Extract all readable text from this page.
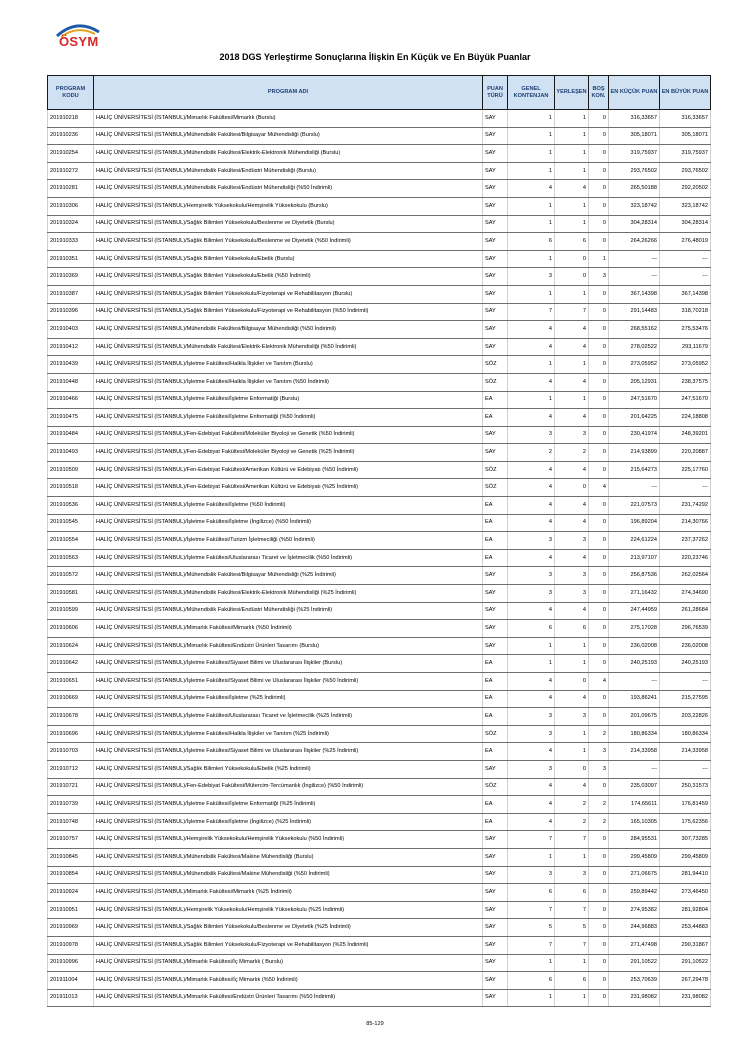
ÖSYM
2018 DGS Yerleştirme Sonuçlarına İlişkin En Küçük ve En Büyük Puanlar
PROGRAM KODU	PROGRAM ADI	PUAN TÜRÜ	GENEL KONTENJAN	YERLEŞEN	BOŞ KON.	EN KÜÇÜK PUAN	EN BÜYÜK PUAN
201910218	HALİÇ ÜNİVERSİTESİ (İSTANBUL)/Mimarlık Fakültesi/Mimarlık (Burslu)	SAY	1	1	0	316,33657	316,33657
201910236	HALİÇ ÜNİVERSİTESİ (İSTANBUL)/Mühendislik Fakültesi/Bilgisayar Mühendisliği (Burslu)	SAY	1	1	0	305,18071	305,18071
201910254	HALİÇ ÜNİVERSİTESİ (İSTANBUL)/Mühendislik Fakültesi/Elektrik-Elektronik Mühendisliği (Burslu)	SAY	1	1	0	319,75937	319,75937
201910272	HALİÇ ÜNİVERSİTESİ (İSTANBUL)/Mühendislik Fakültesi/Endüstri Mühendisliği (Burslu)	SAY	1	1	0	293,76502	293,76502
201910281	HALİÇ ÜNİVERSİTESİ (İSTANBUL)/Mühendislik Fakültesi/Endüstri Mühendisliği (%50 İndirimli)	SAY	4	4	0	265,50188	292,20502
201910306	HALİÇ ÜNİVERSİTESİ (İSTANBUL)/Hemşirelik Yüksekokulu/Hemşirelik Yüksekokulu (Burslu)	SAY	1	1	0	323,18742	323,18742
201910324	HALİÇ ÜNİVERSİTESİ (İSTANBUL)/Sağlık Bilimleri Yüksekokulu/Beslenme ve Diyetetik (Burslu)	SAY	1	1	0	304,28314	304,28314
201910333	HALİÇ ÜNİVERSİTESİ (İSTANBUL)/Sağlık Bilimleri Yüksekokulu/Beslenme ve Diyetetik (%50 İndirimli)	SAY	6	6	0	264,26266	276,48019
201910351	HALİÇ ÜNİVERSİTESİ (İSTANBUL)/Sağlık Bilimleri Yüksekokulu/Ebelik (Burslu)	SAY	1	0	1	---	---
201910369	HALİÇ ÜNİVERSİTESİ (İSTANBUL)/Sağlık Bilimleri Yüksekokulu/Ebelik (%50 İndirimli)	SAY	3	0	3	---	---
201910387	HALİÇ ÜNİVERSİTESİ (İSTANBUL)/Sağlık Bilimleri Yüksekokulu/Fizyoterapi ve Rehabilitasyon (Burslu)	SAY	1	1	0	367,14398	367,14398
201910396	HALİÇ ÜNİVERSİTESİ (İSTANBUL)/Sağlık Bilimleri Yüksekokulu/Fizyoterapi ve Rehabilitasyon (%50 İndirimli)	SAY	7	7	0	291,14483	318,70218
201910403	HALİÇ ÜNİVERSİTESİ (İSTANBUL)/Mühendislik Fakültesi/Bilgisayar Mühendisliği (%50 İndirimli)	SAY	4	4	0	268,55162	275,53476
201910412	HALİÇ ÜNİVERSİTESİ (İSTANBUL)/Mühendislik Fakültesi/Elektrik-Elektronik Mühendisliği (%50 İndirimli)	SAY	4	4	0	278,02522	293,11679
201910439	HALİÇ ÜNİVERSİTESİ (İSTANBUL)/İşletme Fakültesi/Halkla İlişkiler ve Tanıtım (Burslu)	SÖZ	1	1	0	273,05952	273,05952
201910448	HALİÇ ÜNİVERSİTESİ (İSTANBUL)/İşletme Fakültesi/Halkla İlişkiler ve Tanıtım (%50 İndirimli)	SÖZ	4	4	0	205,12931	238,37575
201910466	HALİÇ ÜNİVERSİTESİ (İSTANBUL)/İşletme Fakültesi/İşletme Enformatiği (Burslu)	EA	1	1	0	247,51670	247,51670
201910475	HALİÇ ÜNİVERSİTESİ (İSTANBUL)/İşletme Fakültesi/İşletme Enformatiği (%50 İndirimli)	EA	4	4	0	201,64225	224,18808
201910484	HALİÇ ÜNİVERSİTESİ (İSTANBUL)/Fen-Edebiyat Fakültesi/Moleküler Biyoloji ve Genetik (%50 İndirimli)	SAY	3	3	0	230,41974	248,39201
201910493	HALİÇ ÜNİVERSİTESİ (İSTANBUL)/Fen-Edebiyat Fakültesi/Moleküler Biyoloji ve Genetik (%25 İndirimli)	SAY	2	2	0	214,93899	220,20887
201910509	HALİÇ ÜNİVERSİTESİ (İSTANBUL)/Fen-Edebiyat Fakültesi/Amerikan Kültürü ve Edebiyatı (%50 İndirimli)	SÖZ	4	4	0	215,64273	225,17760
201910518	HALİÇ ÜNİVERSİTESİ (İSTANBUL)/Fen-Edebiyat Fakültesi/Amerikan Kültürü ve Edebiyatı (%25 İndirimli)	SÖZ	4	0	4	---	---
201910536	HALİÇ ÜNİVERSİTESİ (İSTANBUL)/İşletme Fakültesi/İşletme (%50 İndirimli)	EA	4	4	0	221,07573	231,74292
201910545	HALİÇ ÜNİVERSİTESİ (İSTANBUL)/İşletme Fakültesi/İşletme (İngilizce) (%50 İndirimli)	EA	4	4	0	196,89204	214,30766
201910554	HALİÇ ÜNİVERSİTESİ (İSTANBUL)/İşletme Fakültesi/Turizm İşletmeciliği (%50 İndirimli)	EA	3	3	0	224,61224	237,37262
201910563	HALİÇ ÜNİVERSİTESİ (İSTANBUL)/İşletme Fakültesi/Uluslararası Ticaret ve İşletmecilik (%50 İndirimli)	EA	4	4	0	213,97107	220,23746
201910572	HALİÇ ÜNİVERSİTESİ (İSTANBUL)/Mühendislik Fakültesi/Bilgisayar Mühendisliği (%25 İndirimli)	SAY	3	3	0	256,87536	262,02564
201910581	HALİÇ ÜNİVERSİTESİ (İSTANBUL)/Mühendislik Fakültesi/Elektrik-Elektronik Mühendisliği (%25 İndirimli)	SAY	3	3	0	271,16432	274,34690
201910599	HALİÇ ÜNİVERSİTESİ (İSTANBUL)/Mühendislik Fakültesi/Endüstri Mühendisliği (%25 İndirimli)	SAY	4	4	0	247,44959	261,28684
201910606	HALİÇ ÜNİVERSİTESİ (İSTANBUL)/Mimarlık Fakültesi/Mimarlık (%50 İndirimli)	SAY	6	6	0	275,17028	296,76539
201910624	HALİÇ ÜNİVERSİTESİ (İSTANBUL)/Mimarlık Fakültesi/Endüstri Ürünleri Tasarımı (Burslu)	SAY	1	1	0	236,02008	236,02008
201910642	HALİÇ ÜNİVERSİTESİ (İSTANBUL)/İşletme Fakültesi/Siyaset Bilimi ve Uluslararası İlişkiler (Burslu)	EA	1	1	0	240,25193	240,25193
201910651	HALİÇ ÜNİVERSİTESİ (İSTANBUL)/İşletme Fakültesi/Siyaset Bilimi ve Uluslararası İlişkiler (%50 İndirimli)	EA	4	0	4	---	---
201910669	HALİÇ ÜNİVERSİTESİ (İSTANBUL)/İşletme Fakültesi/İşletme (%25 İndirimli)	EA	4	4	0	193,86241	215,27595
201910678	HALİÇ ÜNİVERSİTESİ (İSTANBUL)/İşletme Fakültesi/Uluslararası Ticaret ve İşletmecilik (%25 İndirimli)	EA	3	3	0	201,09675	203,22826
201910696	HALİÇ ÜNİVERSİTESİ (İSTANBUL)/İşletme Fakültesi/Halkla İlişkiler ve Tanıtım (%25 İndirimli)	SÖZ	3	1	2	180,86334	180,86334
201910703	HALİÇ ÜNİVERSİTESİ (İSTANBUL)/İşletme Fakültesi/Siyaset Bilimi ve Uluslararası İlişkiler (%25 İndirimli)	EA	4	1	3	214,33958	214,33958
201910712	HALİÇ ÜNİVERSİTESİ (İSTANBUL)/Sağlık Bilimleri Yüksekokulu/Ebelik (%25 İndirimli)	SAY	3	0	3	---	---
201910721	HALİÇ ÜNİVERSİTESİ (İSTANBUL)/Fen-Edebiyat Fakültesi/Mütercim-Tercümanlık (İngilizce) (%50 İndirimli)	SÖZ	4	4	0	235,03097	250,31573
201910739	HALİÇ ÜNİVERSİTESİ (İSTANBUL)/İşletme Fakültesi/İşletme Enformatiği (%25 İndirimli)	EA	4	2	2	174,65611	176,81459
201910748	HALİÇ ÜNİVERSİTESİ (İSTANBUL)/İşletme Fakültesi/İşletme (İngilizce) (%25 İndirimli)	EA	4	2	2	165,10305	175,62356
201910757	HALİÇ ÜNİVERSİTESİ (İSTANBUL)/Hemşirelik Yüksekokulu/Hemşirelik Yüksekokulu (%50 İndirimli)	SAY	7	7	0	284,95531	307,73285
201910845	HALİÇ ÜNİVERSİTESİ (İSTANBUL)/Mühendislik Fakültesi/Makine Mühendisliği (Burslu)	SAY	1	1	0	299,45809	299,45809
201910854	HALİÇ ÜNİVERSİTESİ (İSTANBUL)/Mühendislik Fakültesi/Makine Mühendisliği (%50 İndirimli)	SAY	3	3	0	271,06675	281,94410
201910924	HALİÇ ÜNİVERSİTESİ (İSTANBUL)/Mimarlık Fakültesi/Mimarlık (%25 İndirimli)	SAY	6	6	0	259,89442	273,46450
201910951	HALİÇ ÜNİVERSİTESİ (İSTANBUL)/Hemşirelik Yüksekokulu/Hemşirelik Yüksekokulu (%25 İndirimli)	SAY	7	7	0	274,95382	281,92804
201910969	HALİÇ ÜNİVERSİTESİ (İSTANBUL)/Sağlık Bilimleri Yüksekokulu/Beslenme ve Diyetetik (%25 İndirimli)	SAY	5	5	0	244,96883	253,44883
201910978	HALİÇ ÜNİVERSİTESİ (İSTANBUL)/Sağlık Bilimleri Yüksekokulu/Fizyoterapi ve Rehabilitasyon (%25 İndirimli)	SAY	7	7	0	271,47498	290,31867
201910996	HALİÇ ÜNİVERSİTESİ (İSTANBUL)/Mimarlık Fakültesi/İç Mimarlık ( Burslu)	SAY	1	1	0	291,10522	291,10522
201911004	HALİÇ ÜNİVERSİTESİ (İSTANBUL)/Mimarlık Fakültesi/İç Mimarlık (%50 İndirimli)	SAY	6	6	0	253,70639	267,29478
201911013	HALİÇ ÜNİVERSİTESİ (İSTANBUL)/Mimarlık Fakültesi/Endüstri Ürünleri Tasarımı (%50 İndirimli)	SAY	1	1	0	231,98082	231,98082
85-129
